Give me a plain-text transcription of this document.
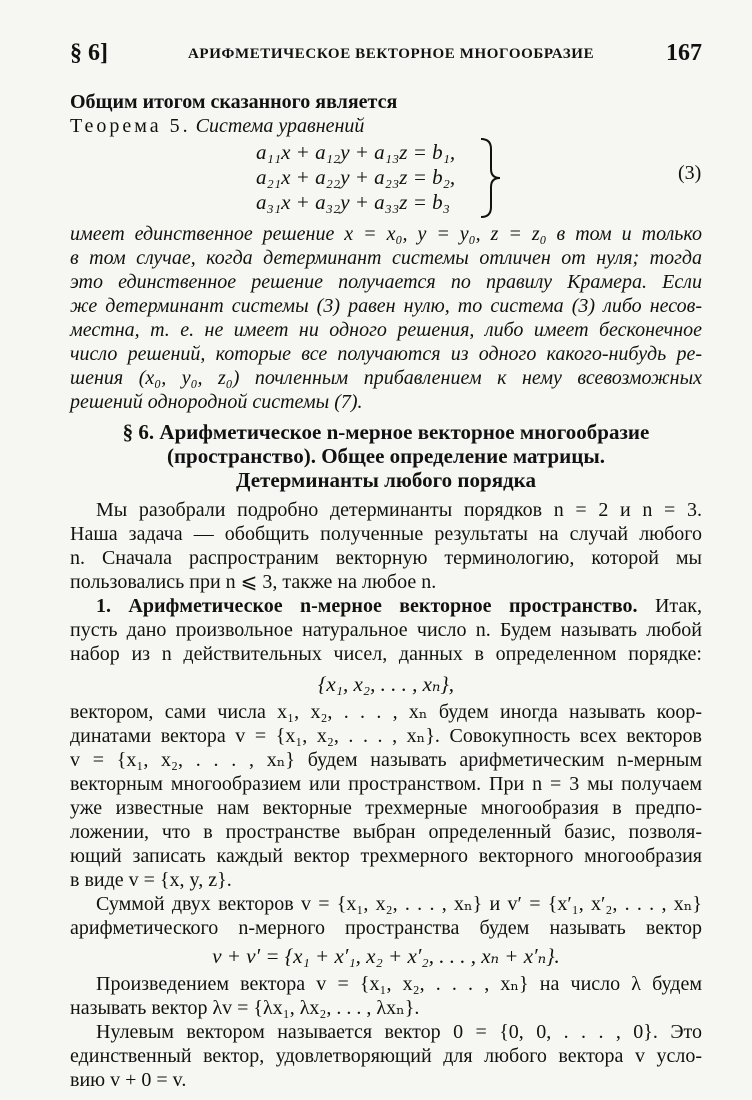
§ 6]	АРИФМЕТИЧЕСКОЕ ВЕКТОРНОЕ МНОГООБРАЗИЕ	167
Общим итогом сказанного является
Теорема 5. Система уравнений
a₁₁x + a₁₂y + a₁₃z = b₁,
a₂₁x + a₂₂y + a₂₃z = b₂,
a₃₁x + a₃₂y + a₃₃z = b₃
(3)
имеет единственное решение x = x₀, y = y₀, z = z₀ в том и только
в том случае, когда детерминант системы отличен от нуля; тогда
это единственное решение получается по правилу Крамера. Если
же детерминант системы (3) равен нулю, то система (3) либо несов-
местна, т. е. не имеет ни одного решения, либо имеет бесконечное
число решений, которые все получаются из одного какого-нибудь ре-
шения (x₀, y₀, z₀) почленным прибавлением к нему всевозможных
решений однородной системы (7).
§ 6. Арифметическое n-мерное векторное многообразие
(пространство). Общее определение матрицы.
Детерминанты любого порядка
Мы разобрали подробно детерминанты порядков n = 2 и n = 3.
Наша задача — обобщить полученные результаты на случай любого
n. Сначала распространим векторную терминологию, которой мы
пользовались при n ⩽ 3, также на любое n.
1. Арифметическое n-мерное векторное пространство. Итак,
пусть дано произвольное натуральное число n. Будем называть любой
набор из n действительных чисел, данных в определенном порядке:
{x₁, x₂, . . . , xₙ},
вектором, сами числа x₁, x₂, . . . , xₙ будем иногда называть коор-
динатами вектора v = {x₁, x₂, . . . , xₙ}. Совокупность всех векторов
v = {x₁, x₂, . . . , xₙ} будем называть арифметическим n-мерным
векторным многообразием или пространством. При n = 3 мы получаем
уже известные нам векторные трехмерные многообразия в предпо-
ложении, что в пространстве выбран определенный базис, позволя-
ющий записать каждый вектор трехмерного векторного многообразия
в виде v = {x, y, z}.
Суммой двух векторов v = {x₁, x₂, . . . , xₙ} и v′ = {x′₁, x′₂, . . . , xₙ}
арифметического n-мерного пространства будем называть вектор
v + v′ = {x₁ + x′₁, x₂ + x′₂, . . . , xₙ + x′ₙ}.
Произведением вектора v = {x₁, x₂, . . . , xₙ} на число λ будем
называть вектор λv = {λx₁, λx₂, . . . , λxₙ}.
Нулевым вектором называется вектор 0 = {0, 0, . . . , 0}. Это
единственный вектор, удовлетворяющий для любого вектора v усло-
вию v + 0 = v.
